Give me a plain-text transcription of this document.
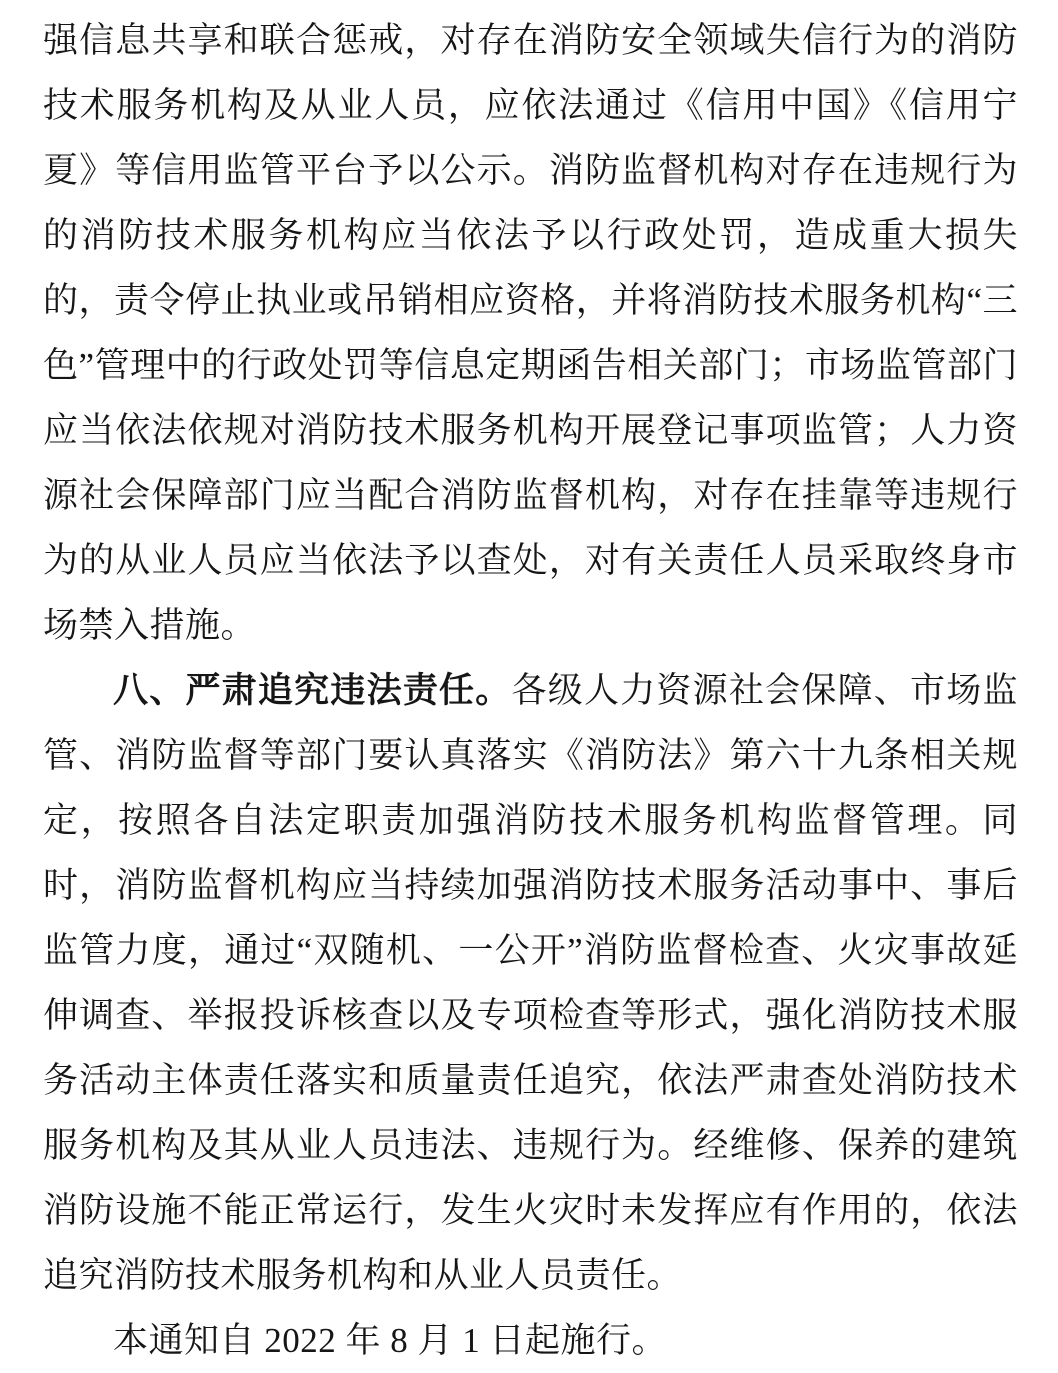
强信息共享和联合惩戒，对存在消防安全领域失信行为的消防技术服务机构及从业人员，应依法通过《信用中国》《信用宁夏》等信用监管平台予以公示。消防监督机构对存在违规行为的消防技术服务机构应当依法予以行政处罚，造成重大损失的，责令停止执业或吊销相应资格，并将消防技术服务机构“三色”管理中的行政处罚等信息定期函告相关部门；市场监管部门应当依法依规对消防技术服务机构开展登记事项监管；人力资源社会保障部门应当配合消防监督机构，对存在挂靠等违规行为的从业人员应当依法予以查处，对有关责任人员采取终身市场禁入措施。

八、严肃追究违法责任。各级人力资源社会保障、市场监管、消防监督等部门要认真落实《消防法》第六十九条相关规定，按照各自法定职责加强消防技术服务机构监督管理。同时，消防监督机构应当持续加强消防技术服务活动事中、事后监管力度，通过“双随机、一公开”消防监督检查、火灾事故延伸调查、举报投诉核查以及专项检查等形式，强化消防技术服务活动主体责任落实和质量责任追究，依法严肃查处消防技术服务机构及其从业人员违法、违规行为。经维修、保养的建筑消防设施不能正常运行，发生火灾时未发挥应有作用的，依法追究消防技术服务机构和从业人员责任。

本通知自 2022 年 8 月 1 日起施行。
